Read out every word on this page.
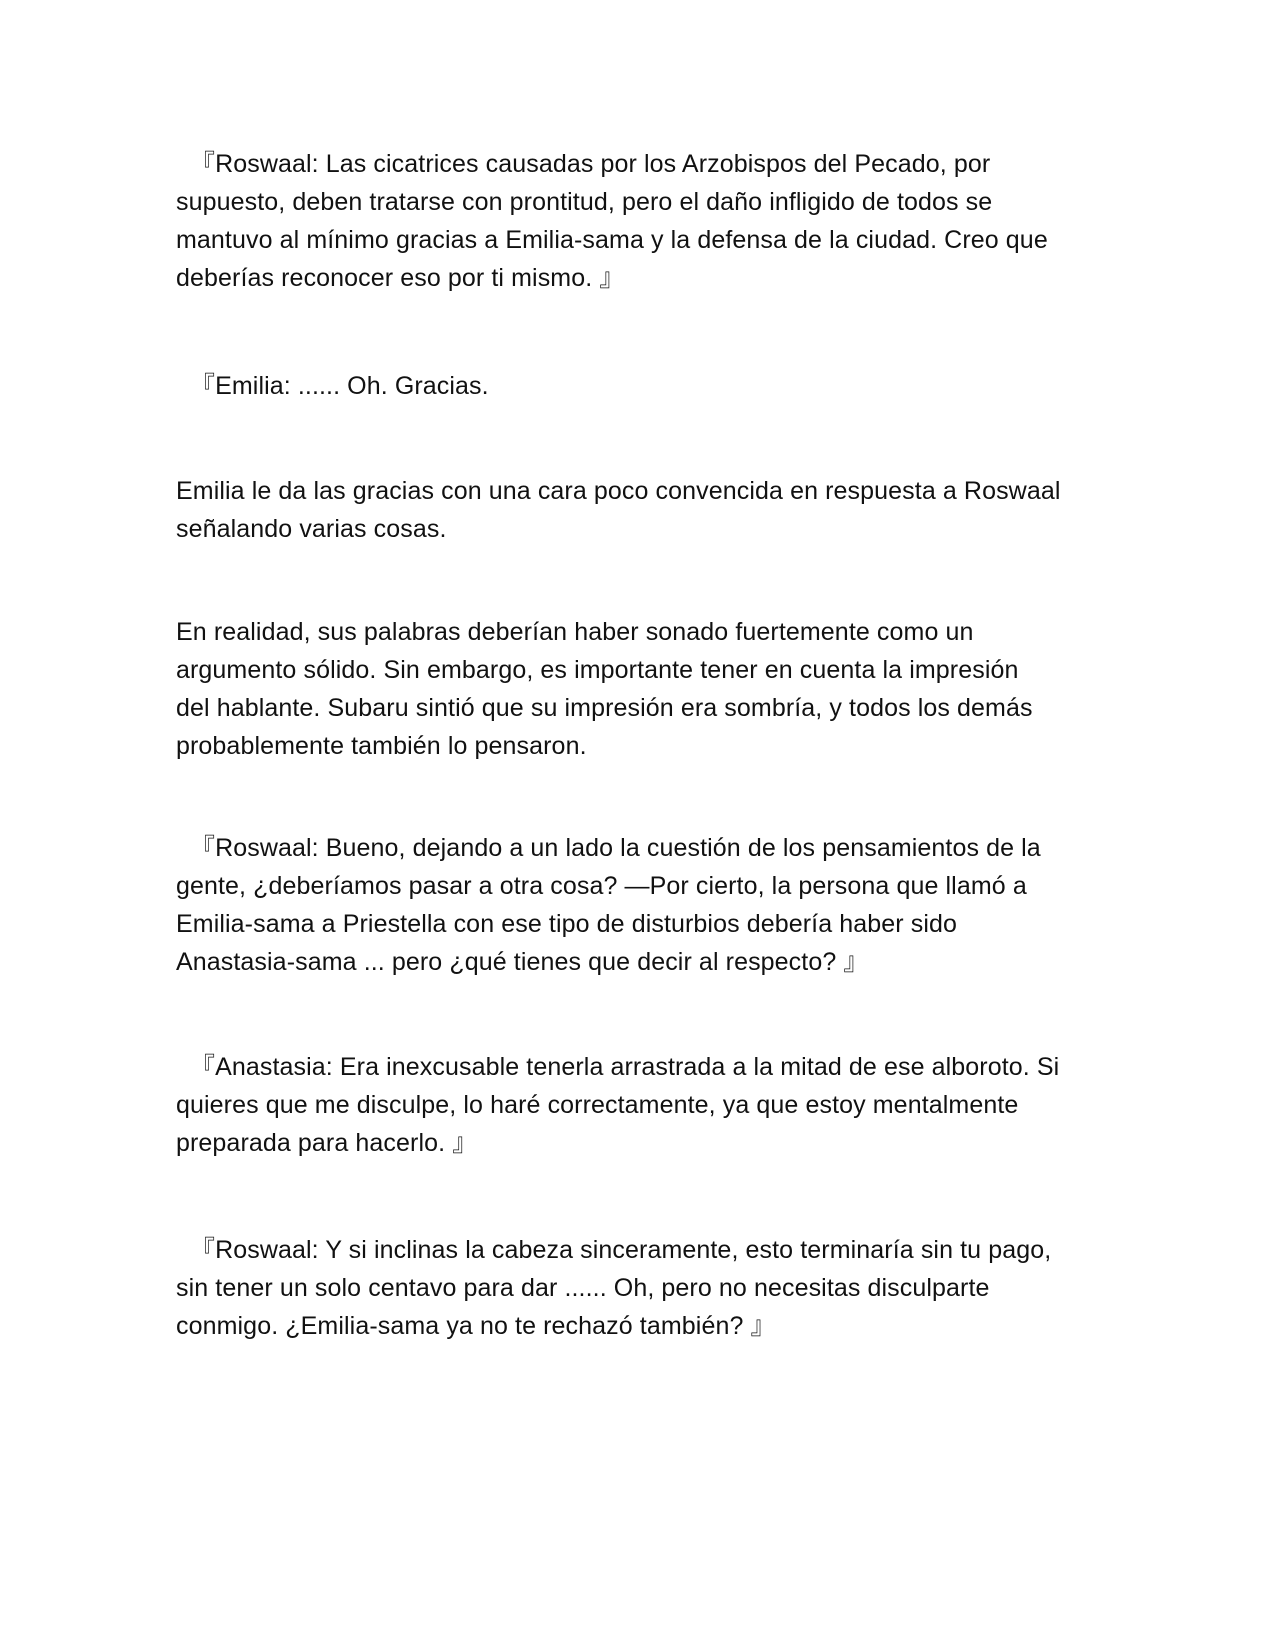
『Roswaal: Las cicatrices causadas por los Arzobispos del Pecado, por
supuesto, deben tratarse con prontitud, pero el daño infligido de todos se
mantuvo al mínimo gracias a Emilia-sama y la defensa de la ciudad. Creo que
deberías reconocer eso por ti mismo. 』

『Emilia: ...... Oh. Gracias.

Emilia le da las gracias con una cara poco convencida en respuesta a Roswaal
señalando varias cosas.

En realidad, sus palabras deberían haber sonado fuertemente como un
argumento sólido. Sin embargo, es importante tener en cuenta la impresión
del hablante. Subaru sintió que su impresión era sombría, y todos los demás
probablemente también lo pensaron.

『Roswaal: Bueno, dejando a un lado la cuestión de los pensamientos de la
gente, ¿deberíamos pasar a otra cosa? —Por cierto, la persona que llamó a
Emilia-sama a Priestella con ese tipo de disturbios debería haber sido
Anastasia-sama ... pero ¿qué tienes que decir al respecto? 』

『Anastasia: Era inexcusable tenerla arrastrada a la mitad de ese alboroto. Si
quieres que me disculpe, lo haré correctamente, ya que estoy mentalmente
preparada para hacerlo. 』

『Roswaal: Y si inclinas la cabeza sinceramente, esto terminaría sin tu pago,
sin tener un solo centavo para dar ...... Oh, pero no necesitas disculparte
conmigo. ¿Emilia-sama ya no te rechazó también? 』
